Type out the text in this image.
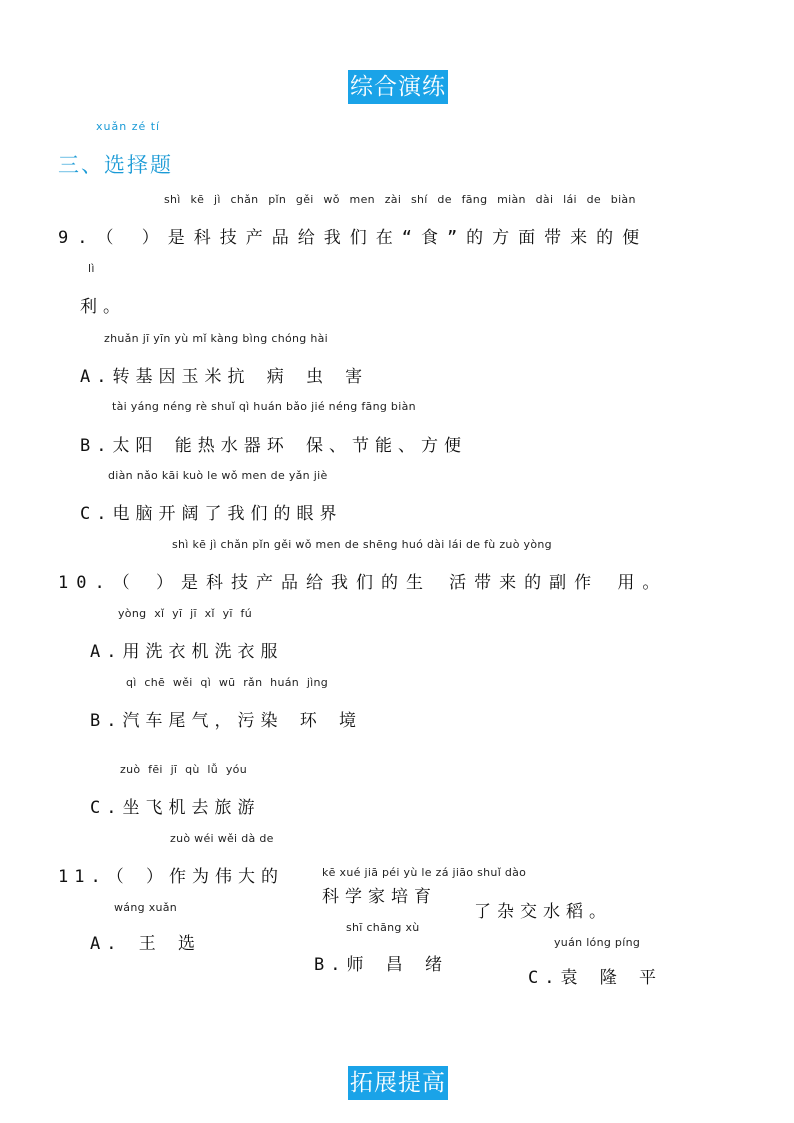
综合演练
xuǎn zé tí
三、选择题
shì kē jì chǎn pǐn gěi wǒ men zài shí de fāng miàn dài lái de biàn
9.（ ）是科技产品给我们在“食”的方面带来的便
lì
利。
zhuǎn jī yīn yù mǐ kàng bìng chóng hài
A.转基因玉米抗 病 虫 害
tài yáng néng rè shuǐ qì huán bǎo jié néng fāng biàn
B.太阳 能热水器环 保、节能、方便
diàn nǎo kāi kuò le wǒ men de yǎn jiè
C.电脑开阔了我们的眼界
shì kē jì chǎn pǐn gěi wǒ men de shēng huó dài lái de fù zuò yòng
10.（ ）是科技产品给我们的生 活带来的副作 用。
yòng xǐ yī jī xǐ yī fú
A.用洗衣机洗衣服
qì chē wěi qì wū rǎn huán jìng
B.汽车尾气，污染 环 境
zuò fēi jī qù lǚ yóu
C.坐飞机去旅游
zuò wéi wěi dà de
11.（ ）作为伟大的	kē xué jiā péi yù le zá jiāo shuǐ dào
科学家培育
了杂交水稻。
wáng xuǎn
A. 王 选
shī chāng xù
B.师 昌 绪
yuán lóng píng
C.袁 隆 平
拓展提高
